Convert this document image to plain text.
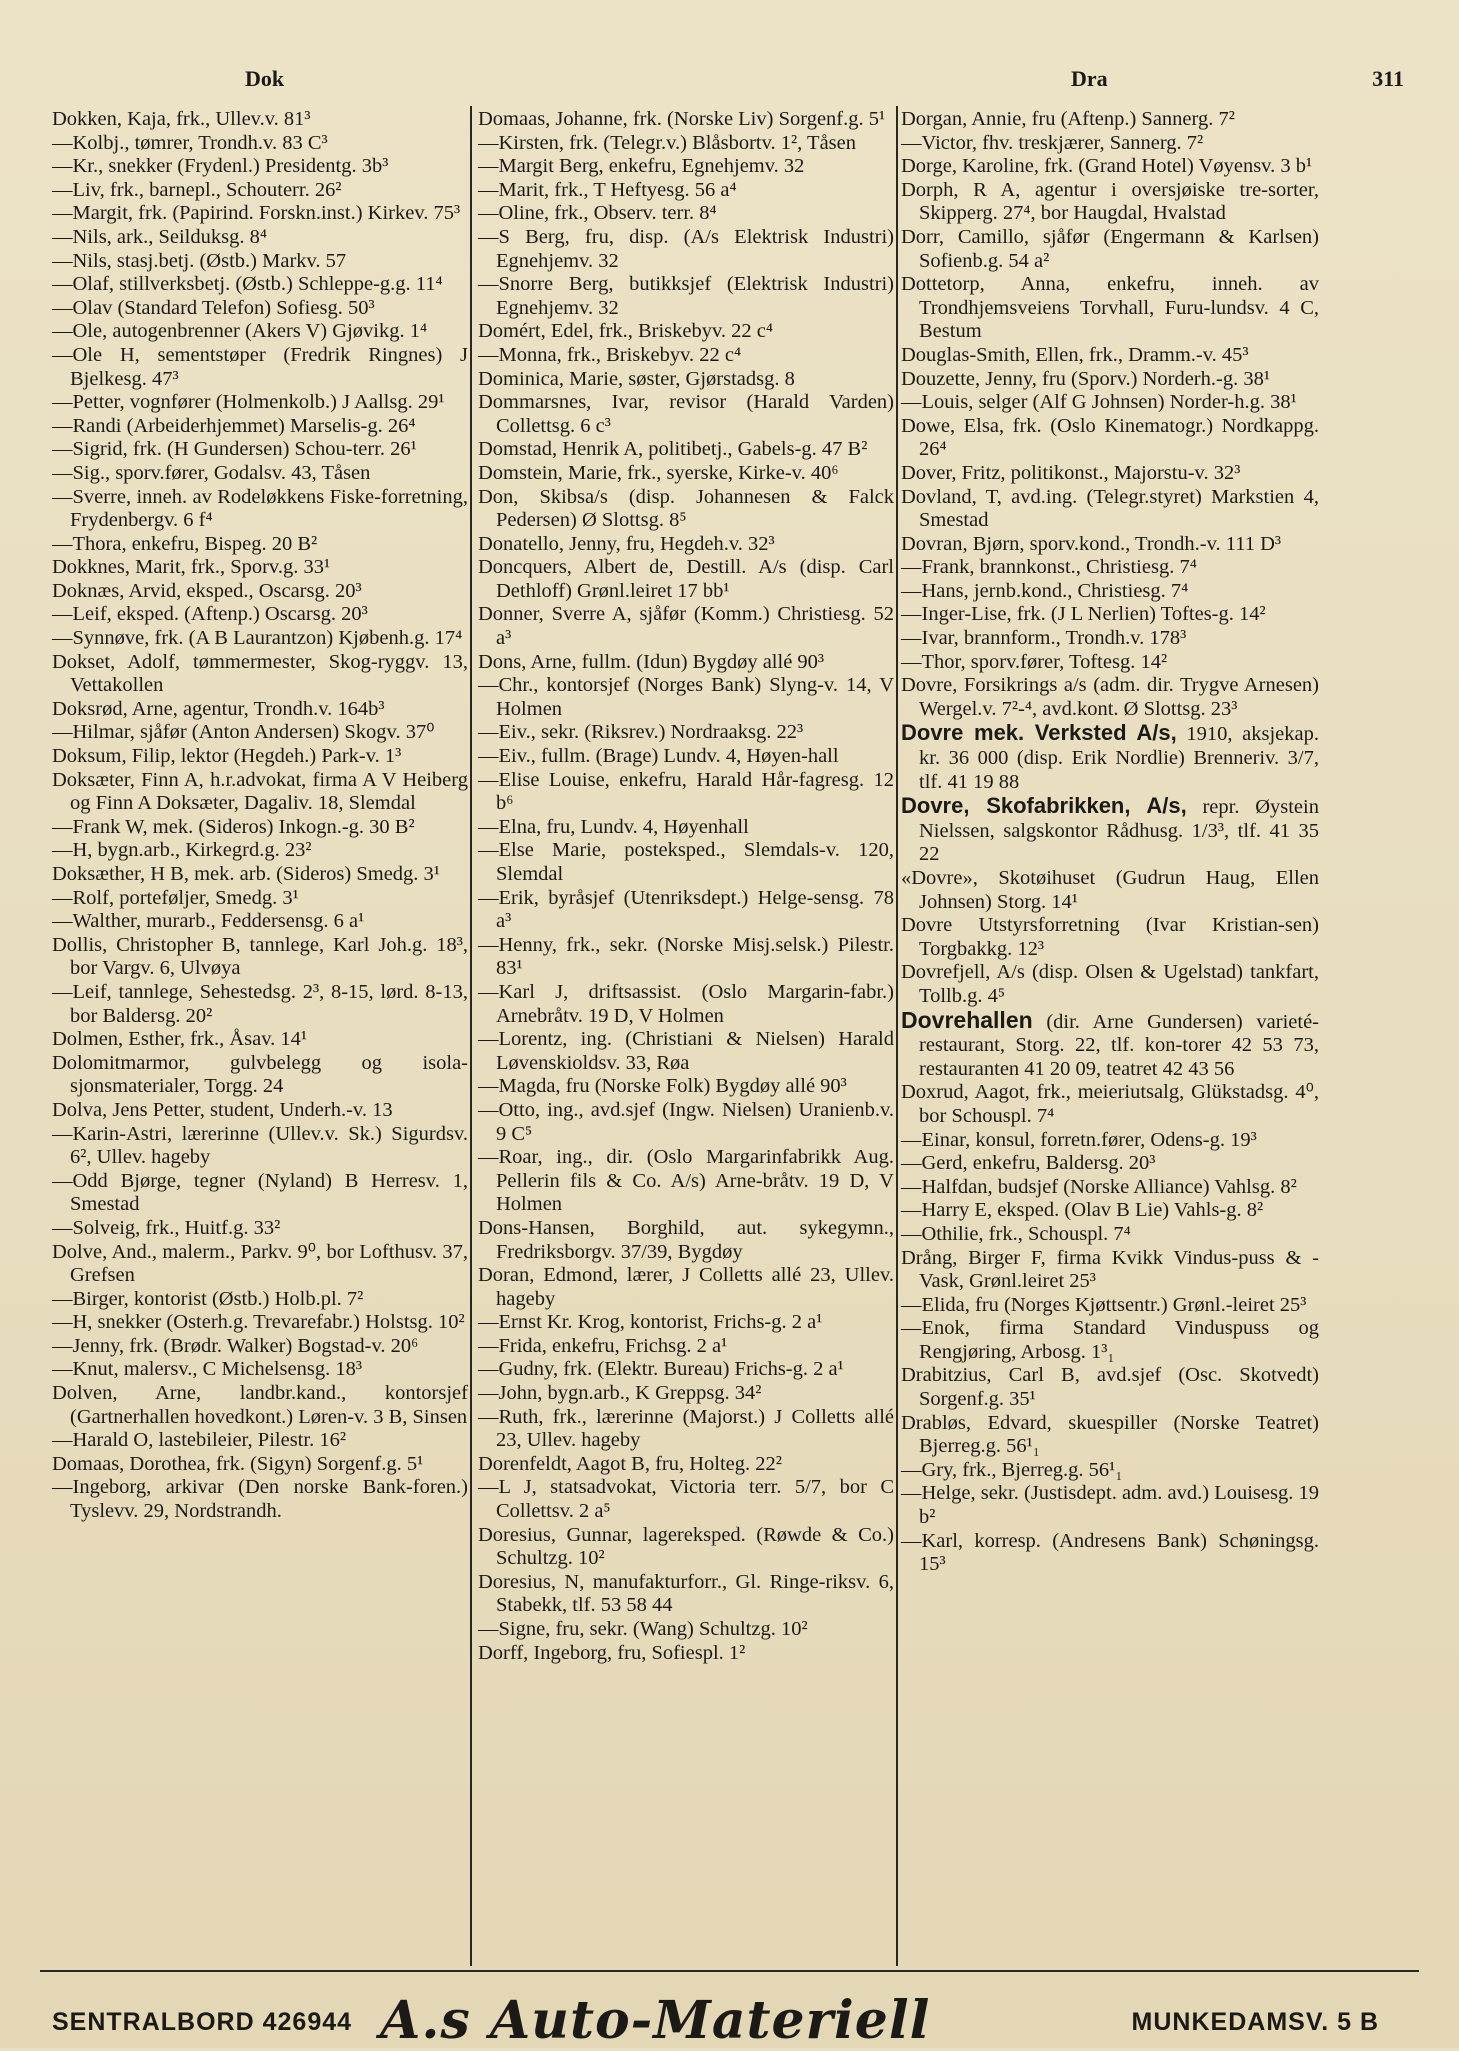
Dok	Dra	311
Dokken, Kaja, frk., Ullev.v. 81³
—Kolbj., tømrer, Trondh.v. 83 C³
—Kr., snekker (Frydenl.) Presidentg. 3b³
—Liv, frk., barnepl., Schouterr. 26²
—Margit, frk. (Papirind. Forskn.inst.) Kirkev. 75³
—Nils, ark., Seilduksg. 8⁴
—Nils, stasj.betj. (Østb.) Markv. 57
—Olaf, stillverksbetj. (Østb.) Schleppe-g.g. 11⁴
—Olav (Standard Telefon) Sofiesg. 50³
—Ole, autogenbrenner (Akers V) Gjøvikg. 1⁴
—Ole H, sementstøper (Fredrik Ringnes) J Bjelkesg. 47³
—Petter, vognfører (Holmenkolb.) J Aallsg. 29¹
—Randi (Arbeiderhjemmet) Marselis-g. 26⁴
—Sigrid, frk. (H Gundersen) Schou-terr. 26¹
—Sig., sporv.fører, Godalsv. 43, Tåsen
—Sverre, inneh. av Rodeløkkens Fiske-forretning, Frydenbergv. 6 f⁴
—Thora, enkefru, Bispeg. 20 B²
Dokknes, Marit, frk., Sporv.g. 33¹
Doknæs, Arvid, eksped., Oscarsg. 20³
—Leif, eksped. (Aftenp.) Oscarsg. 20³
—Synnøve, frk. (A B Laurantzon) Kjøbenh.g. 17⁴
Dokset, Adolf, tømmermester, Skog-ryggv. 13, Vettakollen
Doksrød, Arne, agentur, Trondh.v. 164b³
—Hilmar, sjåfør (Anton Andersen) Skogv. 37⁰
Doksum, Filip, lektor (Hegdeh.) Park-v. 1³
Doksæter, Finn A, h.r.advokat, firma A V Heiberg og Finn A Doksæter, Dagaliv. 18, Slemdal
—Frank W, mek. (Sideros) Inkogn.-g. 30 B²
—H, bygn.arb., Kirkegrd.g. 23²
Doksæther, H B, mek. arb. (Sideros) Smedg. 3¹
—Rolf, porteføljer, Smedg. 3¹
—Walther, murarb., Feddersensg. 6 a¹
Dollis, Christopher B, tannlege, Karl Joh.g. 18³, bor Vargv. 6, Ulvøya
—Leif, tannlege, Sehestedsg. 2³, 8-15, lørd. 8-13, bor Baldersg. 20²
Dolmen, Esther, frk., Åsav. 14¹
Dolomitmarmor, gulvbelegg og isola-sjonsmaterialer, Torgg. 24
Dolva, Jens Petter, student, Underh.-v. 13
—Karin-Astri, lærerinne (Ullev.v. Sk.) Sigurdsv. 6², Ullev. hageby
—Odd Bjørge, tegner (Nyland) B Herresv. 1, Smestad
—Solveig, frk., Huitf.g. 33²
Dolve, And., malerm., Parkv. 9⁰, bor Lofthusv. 37, Grefsen
—Birger, kontorist (Østb.) Holb.pl. 7²
—H, snekker (Osterh.g. Trevarefabr.) Holstsg. 10²
—Jenny, frk. (Brødr. Walker) Bogstad-v. 20⁶
—Knut, malersv., C Michelsensg. 18³
Dolven, Arne, landbr.kand., kontorsjef (Gartnerhallen hovedkont.) Løren-v. 3 B, Sinsen
—Harald O, lastebileier, Pilestr. 16²
Domaas, Dorothea, frk. (Sigyn) Sorgenf.g. 5¹
—Ingeborg, arkivar (Den norske Bank-foren.) Tyslevv. 29, Nordstrandh.
Domaas, Johanne, frk. (Norske Liv) Sorgenf.g. 5¹
—Kirsten, frk. (Telegr.v.) Blåsbortv. 1², Tåsen
—Margit Berg, enkefru, Egnehjemv. 32
—Marit, frk., T Heftyesg. 56 a⁴
—Oline, frk., Observ. terr. 8⁴
—S Berg, fru, disp. (A/s Elektrisk Industri) Egnehjemv. 32
—Snorre Berg, butikksjef (Elektrisk Industri) Egnehjemv. 32
Domért, Edel, frk., Briskebyv. 22 c⁴
—Monna, frk., Briskebyv. 22 c⁴
Dominica, Marie, søster, Gjørstadsg. 8
Dommarsnes, Ivar, revisor (Harald Varden) Collettsg. 6 c³
Domstad, Henrik A, politibetj., Gabels-g. 47 B²
Domstein, Marie, frk., syerske, Kirke-v. 40⁶
Don, Skibsa/s (disp. Johannesen & Falck Pedersen) Ø Slottsg. 8⁵
Donatello, Jenny, fru, Hegdeh.v. 32³
Doncquers, Albert de, Destill. A/s (disp. Carl Dethloff) Grønl.leiret 17 bb¹
Donner, Sverre A, sjåfør (Komm.) Christiesg. 52 a³
Dons, Arne, fullm. (Idun) Bygdøy allé 90³
—Chr., kontorsjef (Norges Bank) Slyng-v. 14, V Holmen
—Eiv., sekr. (Riksrev.) Nordraaksg. 22³
—Eiv., fullm. (Brage) Lundv. 4, Høyen-hall
—Elise Louise, enkefru, Harald Hår-fagresg. 12 b⁶
—Elna, fru, Lundv. 4, Høyenhall
—Else Marie, posteksped., Slemdals-v. 120, Slemdal
—Erik, byråsjef (Utenriksdept.) Helge-sensg. 78 a³
—Henny, frk., sekr. (Norske Misj.selsk.) Pilestr. 83¹
—Karl J, driftsassist. (Oslo Margarin-fabr.) Arnebråtv. 19 D, V Holmen
—Lorentz, ing. (Christiani & Nielsen) Harald Løvenskioldsv. 33, Røa
—Magda, fru (Norske Folk) Bygdøy allé 90³
—Otto, ing., avd.sjef (Ingw. Nielsen) Uranienb.v. 9 C⁵
—Roar, ing., dir. (Oslo Margarinfabrikk Aug. Pellerin fils & Co. A/s) Arne-bråtv. 19 D, V Holmen
Dons-Hansen, Borghild, aut. sykegymn., Fredriksborgv. 37/39, Bygdøy
Doran, Edmond, lærer, J Colletts allé 23, Ullev. hageby
—Ernst Kr. Krog, kontorist, Frichs-g. 2 a¹
—Frida, enkefru, Frichsg. 2 a¹
—Gudny, frk. (Elektr. Bureau) Frichs-g. 2 a¹
—John, bygn.arb., K Greppsg. 34²
—Ruth, frk., lærerinne (Majorst.) J Colletts allé 23, Ullev. hageby
Dorenfeldt, Aagot B, fru, Holteg. 22²
—L J, statsadvokat, Victoria terr. 5/7, bor C Collettsv. 2 a⁵
Doresius, Gunnar, lagereksped. (Røwde & Co.) Schultzg. 10²
Doresius, N, manufakturforr., Gl. Ringe-riksv. 6, Stabekk, tlf. 53 58 44
—Signe, fru, sekr. (Wang) Schultzg. 10²
Dorff, Ingeborg, fru, Sofiespl. 1²
Dorgan, Annie, fru (Aftenp.) Sannerg. 7²
—Victor, fhv. treskjærer, Sannerg. 7²
Dorge, Karoline, frk. (Grand Hotel) Vøyensv. 3 b¹
Dorph, R A, agentur i oversjøiske tre-sorter, Skipperg. 27⁴, bor Haugdal, Hvalstad
Dorr, Camillo, sjåfør (Engermann & Karlsen) Sofienb.g. 54 a²
Dottetorp, Anna, enkefru, inneh. av Trondhjemsveiens Torvhall, Furu-lundsv. 4 C, Bestum
Douglas-Smith, Ellen, frk., Dramm.-v. 45³
Douzette, Jenny, fru (Sporv.) Norderh.-g. 38¹
—Louis, selger (Alf G Johnsen) Norder-h.g. 38¹
Dowe, Elsa, frk. (Oslo Kinematogr.) Nordkappg. 26⁴
Dover, Fritz, politikonst., Majorstu-v. 32³
Dovland, T, avd.ing. (Telegr.styret) Markstien 4, Smestad
Dovran, Bjørn, sporv.kond., Trondh.-v. 111 D³
—Frank, brannkonst., Christiesg. 7⁴
—Hans, jernb.kond., Christiesg. 7⁴
—Inger-Lise, frk. (J L Nerlien) Toftes-g. 14²
—Ivar, brannform., Trondh.v. 178³
—Thor, sporv.fører, Toftesg. 14²
Dovre, Forsikrings a/s (adm. dir. Trygve Arnesen) Wergel.v. 7²-⁴, avd.kont. Ø Slottsg. 23³
Dovre mek. Verksted A/s, 1910, aksjekap. kr. 36 000 (disp. Erik Nordlie) Brenneriv. 3/7, tlf. 41 19 88
Dovre, Skofabrikken, A/s, repr. Øystein Nielssen, salgskontor Rådhusg. 1/3³, tlf. 41 35 22
«Dovre», Skotøihuset (Gudrun Haug, Ellen Johnsen) Storg. 14¹
Dovre Utstyrsforretning (Ivar Kristian-sen) Torgbakkg. 12³
Dovrefjell, A/s (disp. Olsen & Ugelstad) tankfart, Tollb.g. 4⁵
Dovrehallen (dir. Arne Gundersen) varieté-restaurant, Storg. 22, tlf. kon-torer 42 53 73, restauranten 41 20 09, teatret 42 43 56
Doxrud, Aagot, frk., meieriutsalg, Glükstadsg. 4⁰, bor Schouspl. 7⁴
—Einar, konsul, forretn.fører, Odens-g. 19³
—Gerd, enkefru, Baldersg. 20³
—Halfdan, budsjef (Norske Alliance) Vahlsg. 8²
—Harry E, eksped. (Olav B Lie) Vahls-g. 8²
—Othilie, frk., Schouspl. 7⁴
Drång, Birger F, firma Kvikk Vindus-puss & -Vask, Grønl.leiret 25³
—Elida, fru (Norges Kjøttsentr.) Grønl.-leiret 25³
—Enok, firma Standard Vinduspuss og Rengjøring, Arbosg. 1³₁
Drabitzius, Carl B, avd.sjef (Osc. Skotvedt) Sorgenf.g. 35¹
Drabløs, Edvard, skuespiller (Norske Teatret) Bjerreg.g. 56¹₁
—Gry, frk., Bjerreg.g. 56¹₁
—Helge, sekr. (Justisdept. adm. avd.) Louisesg. 19 b²
—Karl, korresp. (Andresens Bank) Schøningsg. 15³
SENTRALBORD 426944 A.s Auto-Materiell	MUNKEDAMSV. 5 B
